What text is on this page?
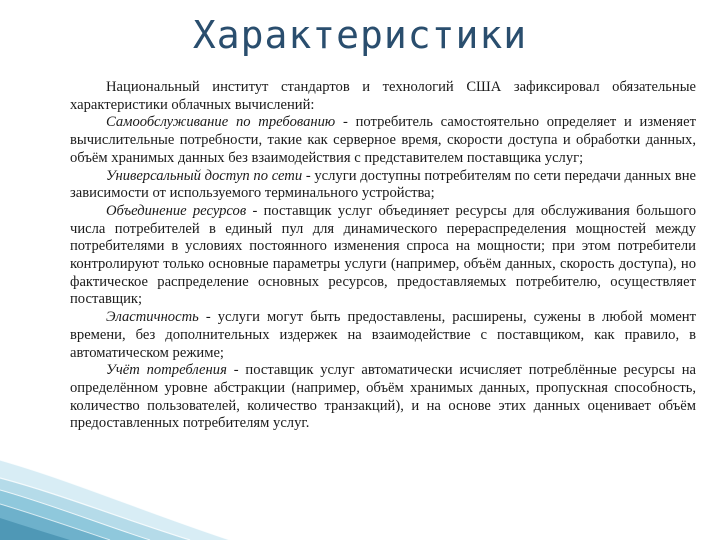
Характеристики

Национальный институт стандартов и технологий США зафиксировал обязательные характеристики облачных вычислений:

Самообслуживание по требованию - потребитель самостоятельно определяет и изменяет вычислительные потребности, такие как серверное время, скорости доступа и обработки данных, объём хранимых данных без взаимодействия с представителем поставщика услуг;

Универсальный доступ по сети - услуги доступны потребителям по сети передачи данных вне зависимости от используемого терминального устройства;

Объединение ресурсов - поставщик услуг объединяет ресурсы для обслуживания большого числа потребителей в единый пул для динамического перераспределения мощностей между потребителями в условиях постоянного изменения спроса на мощности; при этом потребители контролируют только основные параметры услуги (например, объём данных, скорость доступа), но фактическое распределение основных ресурсов, предоставляемых потребителю, осуществляет поставщик;

Эластичность - услуги могут быть предоставлены, расширены, сужены в любой момент времени, без дополнительных издержек на взаимодействие с поставщиком, как правило, в автоматическом режиме;

Учёт потребления - поставщик услуг автоматически исчисляет потреблённые ресурсы на определённом уровне абстракции (например, объём хранимых данных, пропускная способность, количество пользователей, количество транзакций), и на основе этих данных оценивает объём предоставленных потребителям услуг.
